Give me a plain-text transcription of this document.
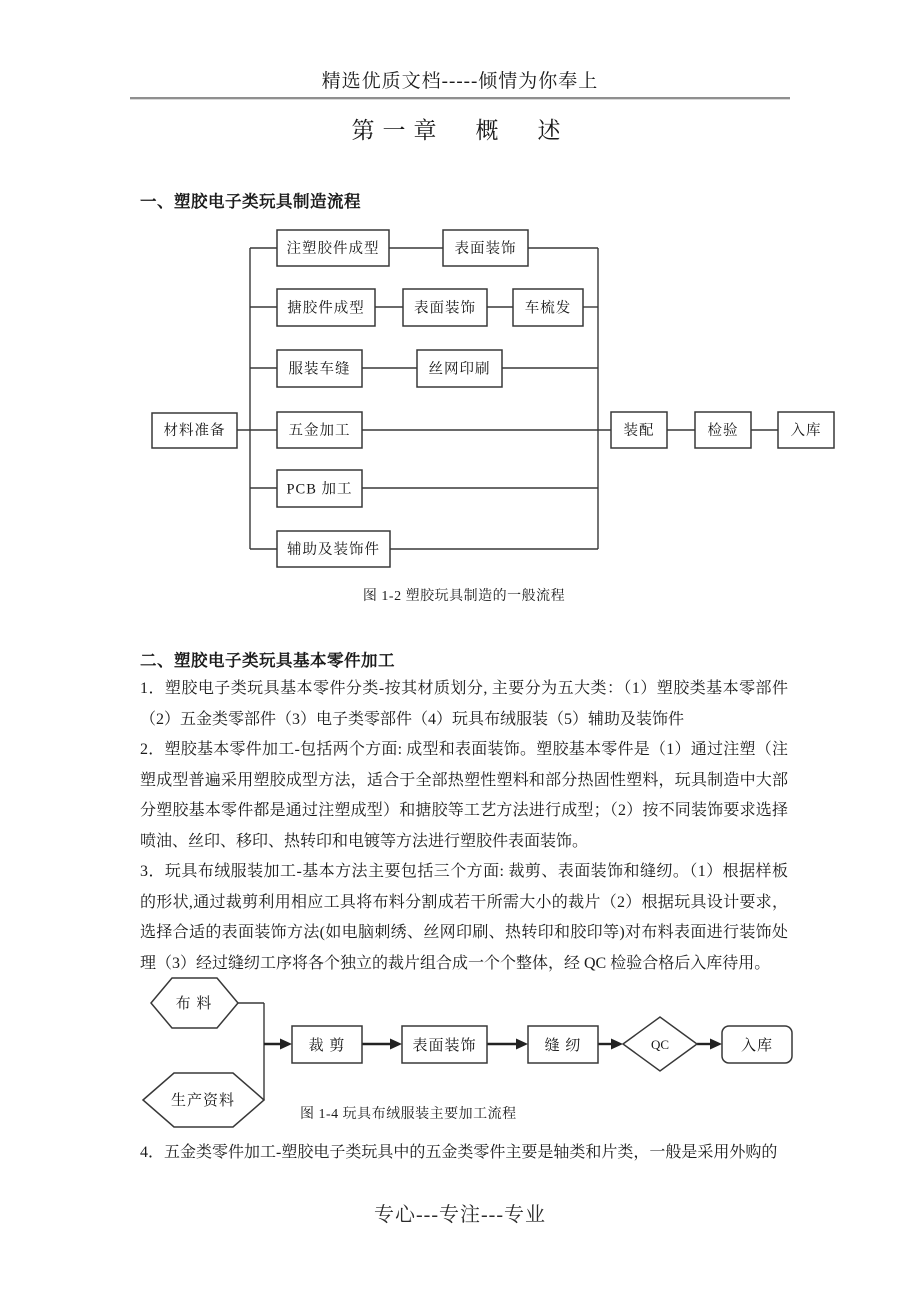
精选优质文档-----倾情为你奉上
第一章　概　述
一、塑胶电子类玩具制造流程
材料准备
注塑胶件成型	表面装饰
搪胶件成型	表面装饰	车梳发
服装车缝	丝网印刷
五金加工
PCB 加工
辅助及装饰件
装配	检验	入库
图 1-2 塑胶玩具制造的一般流程
二、塑胶电子类玩具基本零件加工
1．塑胶电子类玩具基本零件分类-按其材质划分, 主要分为五大类：（1）塑胶类基本零部件
（2）五金类零部件（3）电子类零部件（4）玩具布绒服装（5）辅助及装饰件
2．塑胶基本零件加工-包括两个方面: 成型和表面装饰。塑胶基本零件是（1）通过注塑（注
塑成型普遍采用塑胶成型方法，适合于全部热塑性塑料和部分热固性塑料，玩具制造中大部
分塑胶基本零件都是通过注塑成型）和搪胶等工艺方法进行成型；（2）按不同装饰要求选择
喷油、丝印、移印、热转印和电镀等方法进行塑胶件表面装饰。
3．玩具布绒服装加工-基本方法主要包括三个方面: 裁剪、表面装饰和缝纫。（1）根据样板
的形状,通过裁剪利用相应工具将布料分割成若干所需大小的裁片（2）根据玩具设计要求，
选择合适的表面装饰方法(如电脑刺绣、丝网印刷、热转印和胶印等)对布料表面进行装饰处
理（3）经过缝纫工序将各个独立的裁片组合成一个个整体，经 QC 检验合格后入库待用。
布 料
生产资料
裁 剪	表面装饰	缝 纫	QC	入库
图 1-4 玩具布绒服装主要加工流程
4．五金类零件加工-塑胶电子类玩具中的五金类零件主要是轴类和片类，一般是采用外购的
专心---专注---专业
